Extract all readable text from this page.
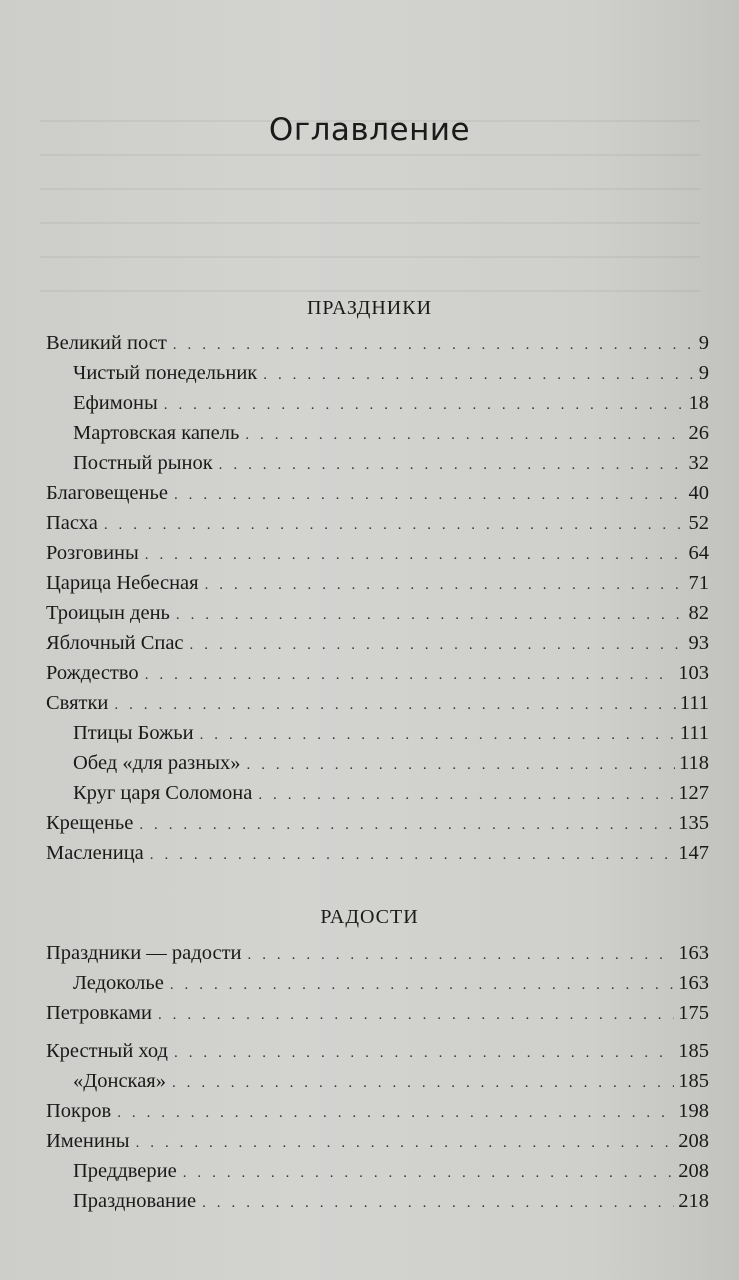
Оглавление
ПРАЗДНИКИ
Великий пост . . .	9
Чистый понедельник . . .	9
Ефимоны . . .	18
Мартовская капель . . .	26
Постный рынок . . .	32
Благовещенье . . .	40
Пасха . . .	52
Розговины . . .	64
Царица Небесная . . .	71
Троицын день . . .	82
Яблочный Спас . . .	93
Рождество . . .	103
Святки . . .	111
Птицы Божьи . . .	111
Обед «для разных» . . .	118
Круг царя Соломона . . .	127
Крещенье . . .	135
Масленица . . .	147
РАДОСТИ
Праздники — радости . . .	163
Ледоколье . . .	163
Петровками . . .	175
Крестный ход . . .	185
«Донская» . . .	185
Покров . . .	198
Именины . . .	208
Преддверие . . .	208
Празднование . . .	218
